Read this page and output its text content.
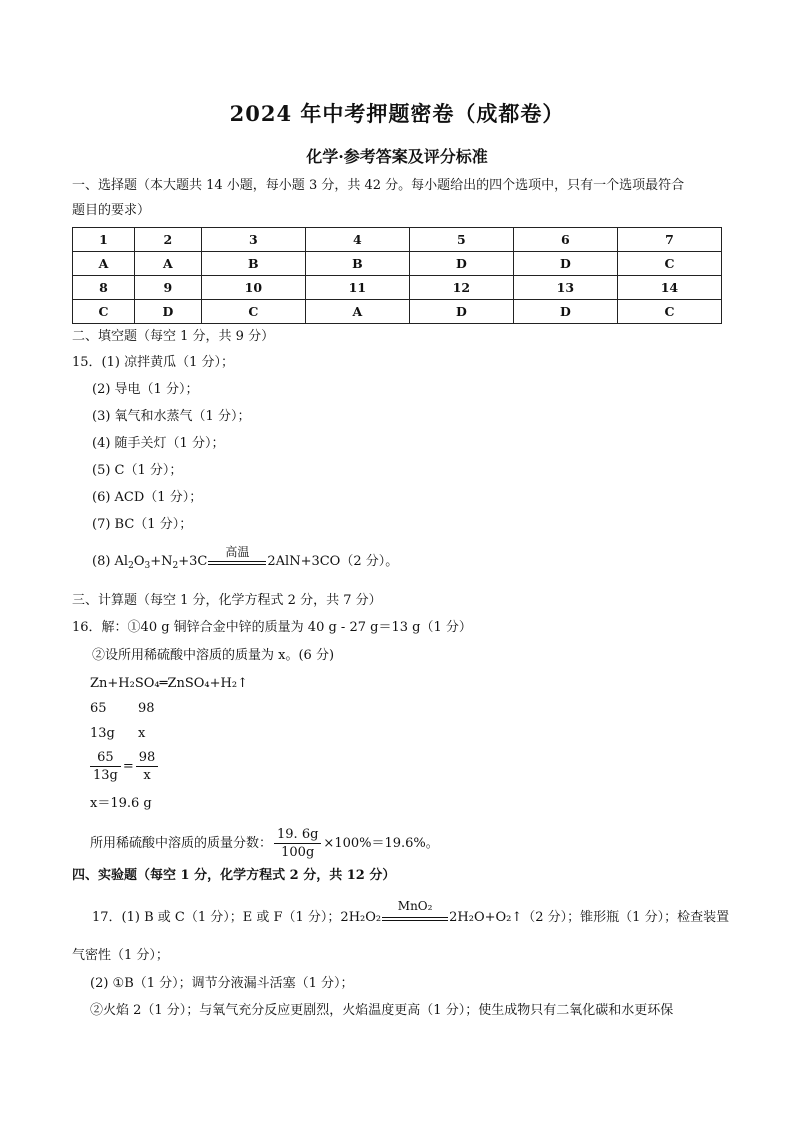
2024 年中考押题密卷（成都卷）
化学·参考答案及评分标准
一、选择题（本大题共 14 小题，每小题 3 分，共 42 分。每小题给出的四个选项中，只有一个选项最符合
题目的要求）
1	2	3	4	5	6	7
A	A	B	B	D	D	C
8	9	10	11	12	13	14
C	D	C	A	D	D	C
二、填空题（每空 1 分，共 9 分）
15．(1) 凉拌黄瓜（1 分）；
(2) 导电（1 分）；
(3) 氧气和水蒸气（1 分）；
(4) 随手关灯（1 分）；
(5) C（1 分）；
(6) ACD（1 分）；
(7) BC（1 分）；
(8) $Al_2O_3+N_2+3C$
高温
2AlN+3CO（2 分）。
三、计算题（每空 1 分，化学方程式 2 分，共 7 分）
16．解：①40 g 铜锌合金中锌的质量为 40 g - 27 g＝13 g（1 分）
②设所用稀硫酸中溶质的质量为 x。(6 分)
Zn+H₂SO₄═ZnSO₄+H₂↑
65 98
13g x
$\frac{65}{13g} = \frac{98}{x}$
x＝19.6 g
所用稀硫酸中溶质的质量分数： $\frac{19. 6g}{100g} \times 100\%=19.6\%$。
四、实验题（每空 1 分，化学方程式 2 分，共 12 分）
17．(1) B 或 C（1 分）；E 或 F（1 分）；2H₂O₂
MnO₂
2H₂O+O₂↑（2 分）；锥形瓶（1 分）；检查装置
气密性（1 分）；
(2) ①B（1 分）；调节分液漏斗活塞（1 分）；
②火焰 2（1 分）；与氧气充分反应更剧烈，火焰温度更高（1 分）；使生成物只有二氧化碳和水更环保
